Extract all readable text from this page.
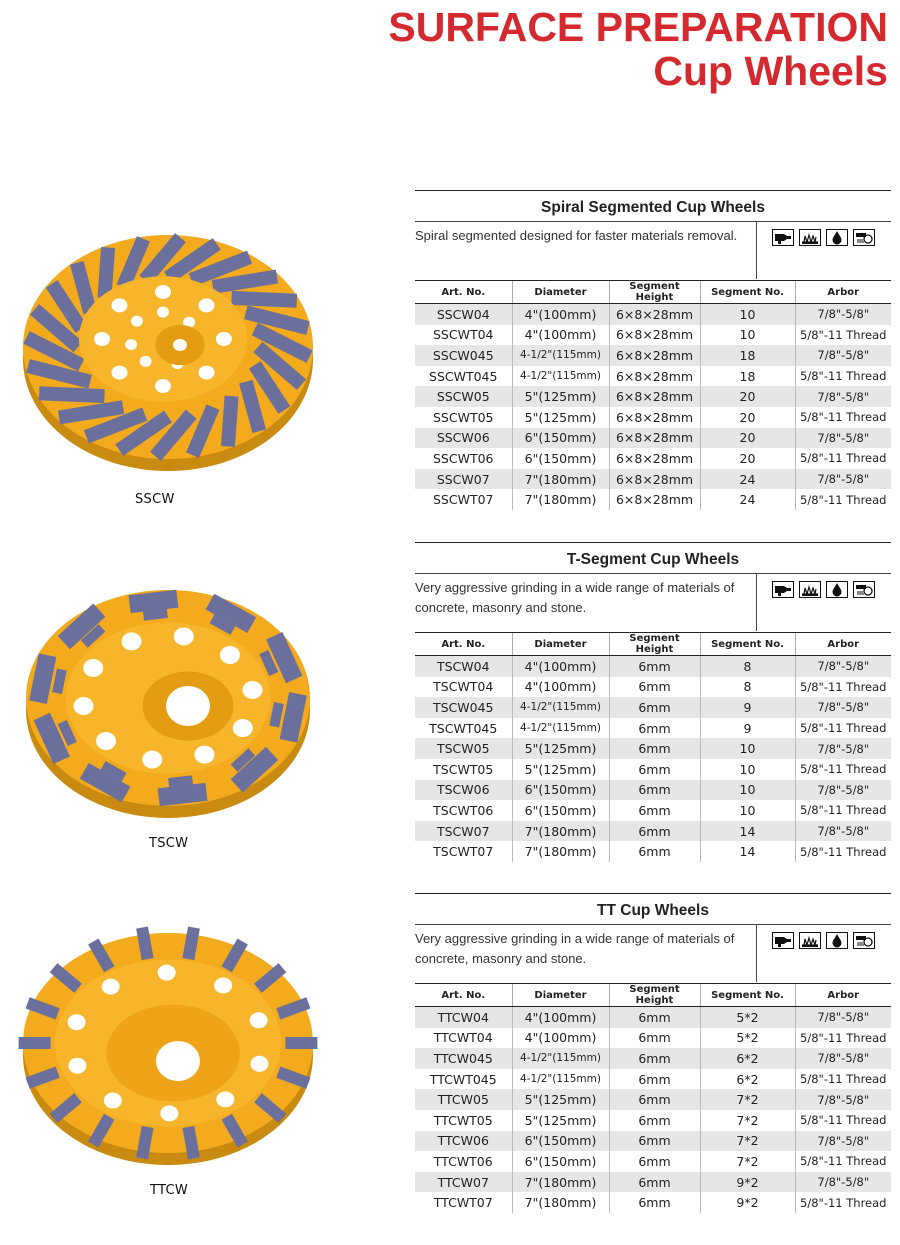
SURFACE PREPARATION
Cup Wheels
SSCW
TSCW
TTCW
Spiral Segmented Cup Wheels
Spiral segmented designed for faster materials removal.
Art. No.	Diameter	Segment Height	Segment No.	Arbor
SSCW04	4"(100mm)	6×8×28mm	10	7/8"-5/8"
SSCWT04	4"(100mm)	6×8×28mm	10	5/8"-11 Thread
SSCW045	4-1/2"(115mm)	6×8×28mm	18	7/8"-5/8"
SSCWT045	4-1/2"(115mm)	6×8×28mm	18	5/8"-11 Thread
SSCW05	5"(125mm)	6×8×28mm	20	7/8"-5/8"
SSCWT05	5"(125mm)	6×8×28mm	20	5/8"-11 Thread
SSCW06	6"(150mm)	6×8×28mm	20	7/8"-5/8"
SSCWT06	6"(150mm)	6×8×28mm	20	5/8"-11 Thread
SSCW07	7"(180mm)	6×8×28mm	24	7/8"-5/8"
SSCWT07	7"(180mm)	6×8×28mm	24	5/8"-11 Thread
T-Segment Cup Wheels
Very aggressive grinding in a wide range of materials of concrete, masonry and stone.
Art. No.	Diameter	Segment Height	Segment No.	Arbor
TSCW04	4"(100mm)	6mm	8	7/8"-5/8"
TSCWT04	4"(100mm)	6mm	8	5/8"-11 Thread
TSCW045	4-1/2"(115mm)	6mm	9	7/8"-5/8"
TSCWT045	4-1/2"(115mm)	6mm	9	5/8"-11 Thread
TSCW05	5"(125mm)	6mm	10	7/8"-5/8"
TSCWT05	5"(125mm)	6mm	10	5/8"-11 Thread
TSCW06	6"(150mm)	6mm	10	7/8"-5/8"
TSCWT06	6"(150mm)	6mm	10	5/8"-11 Thread
TSCW07	7"(180mm)	6mm	14	7/8"-5/8"
TSCWT07	7"(180mm)	6mm	14	5/8"-11 Thread
TT Cup Wheels
Very aggressive grinding in a wide range of materials of concrete, masonry and stone.
Art. No.	Diameter	Segment Height	Segment No.	Arbor
TTCW04	4"(100mm)	6mm	5*2	7/8"-5/8"
TTCWT04	4"(100mm)	6mm	5*2	5/8"-11 Thread
TTCW045	4-1/2"(115mm)	6mm	6*2	7/8"-5/8"
TTCWT045	4-1/2"(115mm)	6mm	6*2	5/8"-11 Thread
TTCW05	5"(125mm)	6mm	7*2	7/8"-5/8"
TTCWT05	5"(125mm)	6mm	7*2	5/8"-11 Thread
TTCW06	6"(150mm)	6mm	7*2	7/8"-5/8"
TTCWT06	6"(150mm)	6mm	7*2	5/8"-11 Thread
TTCW07	7"(180mm)	6mm	9*2	7/8"-5/8"
TTCWT07	7"(180mm)	6mm	9*2	5/8"-11 Thread
